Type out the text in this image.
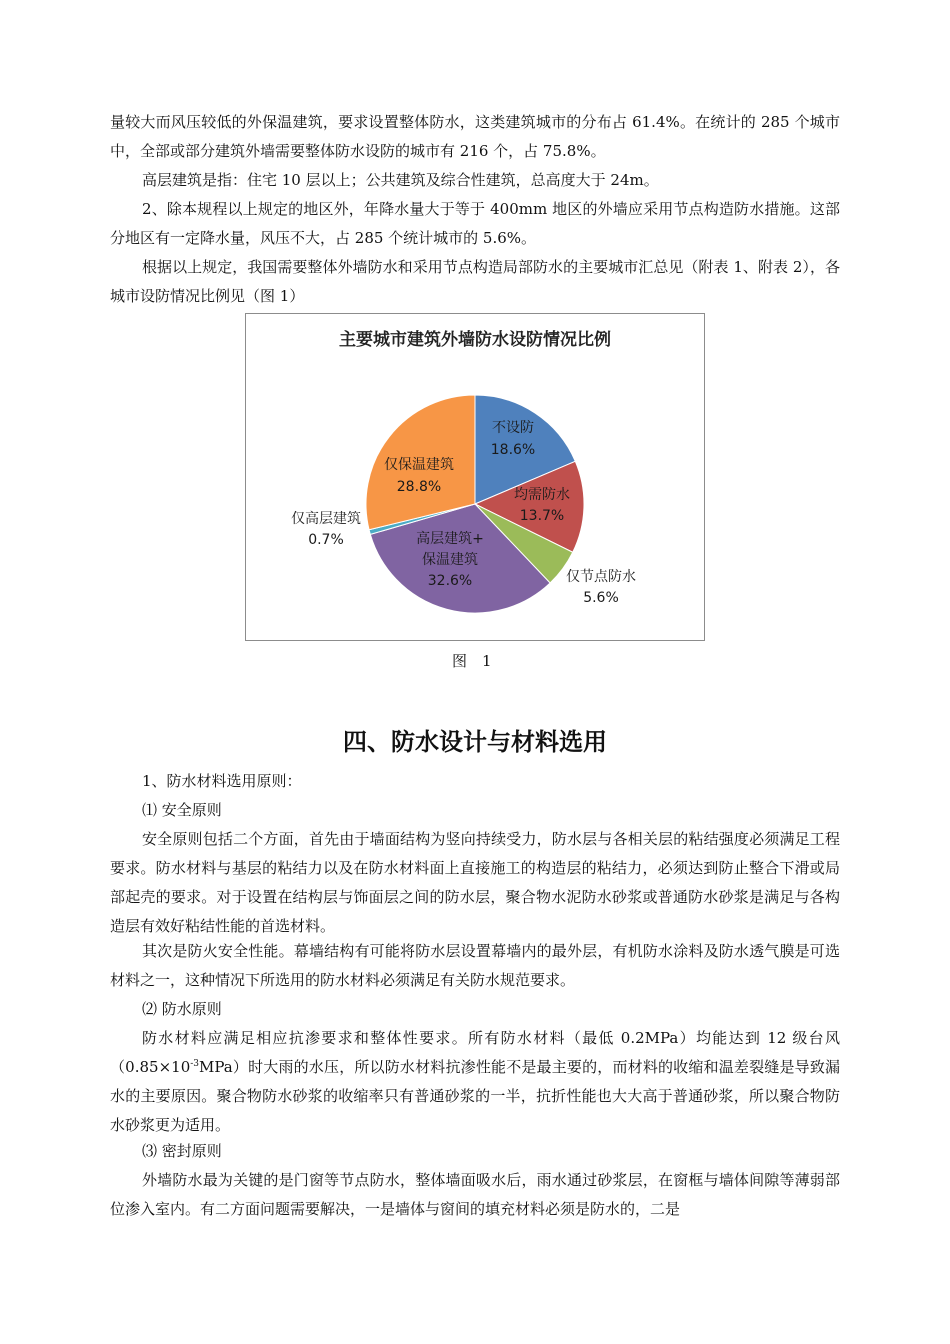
量较大而风压较低的外保温建筑，要求设置整体防水，这类建筑城市的分布占 61.4%。在统计的 285 个城市中，全部或部分建筑外墙需要整体防水设防的城市有 216 个，占 75.8%。

高层建筑是指：住宅 10 层以上；公共建筑及综合性建筑，总高度大于 24m。

2、除本规程以上规定的地区外，年降水量大于等于 400mm 地区的外墙应采用节点构造防水措施。这部分地区有一定降水量，风压不大，占 285 个统计城市的 5.6%。

根据以上规定，我国需要整体外墙防水和采用节点构造局部防水的主要城市汇总见（附表 1、附表 2），各城市设防情况比例见（图 1）

主要城市建筑外墙防水设防情况比例
不设防
18.6%
均需防水
13.7%
仅节点防水
5.6%
高层建筑+
保温建筑
32.6%
仅高层建筑
0.7%
仅保温建筑
28.8%
图　1
四、防水设计与材料选用

1、防水材料选用原则：

⑴ 安全原则

安全原则包括二个方面，首先由于墙面结构为竖向持续受力，防水层与各相关层的粘结强度必须满足工程要求。防水材料与基层的粘结力以及在防水材料面上直接施工的构造层的粘结力，必须达到防止整合下滑或局部起壳的要求。对于设置在结构层与饰面层之间的防水层，聚合物水泥防水砂浆或普通防水砂浆是满足与各构造层有效好粘结性能的首选材料。

其次是防火安全性能。幕墙结构有可能将防水层设置幕墙内的最外层，有机防水涂料及防水透气膜是可选材料之一，这种情况下所选用的防水材料必须满足有关防水规范要求。

⑵ 防水原则

防水材料应满足相应抗渗要求和整体性要求。所有防水材料（最低 0.2MPa）均能达到 12 级台风$(0.85\times 10^{-3}MPa)$时大雨的水压，所以防水材料抗渗性能不是最主要的，而材料的收缩和温差裂缝是导致漏水的主要原因。聚合物防水砂浆的收缩率只有普通砂浆的一半，抗折性能也大大高于普通砂浆，所以聚合物防水砂浆更为适用。

⑶ 密封原则

外墙防水最为关键的是门窗等节点防水，整体墙面吸水后，雨水通过砂浆层，在窗框与墙体间隙等薄弱部位渗入室内。有二方面问题需要解决，一是墙体与窗间的填充材料必须是防水的，二是
